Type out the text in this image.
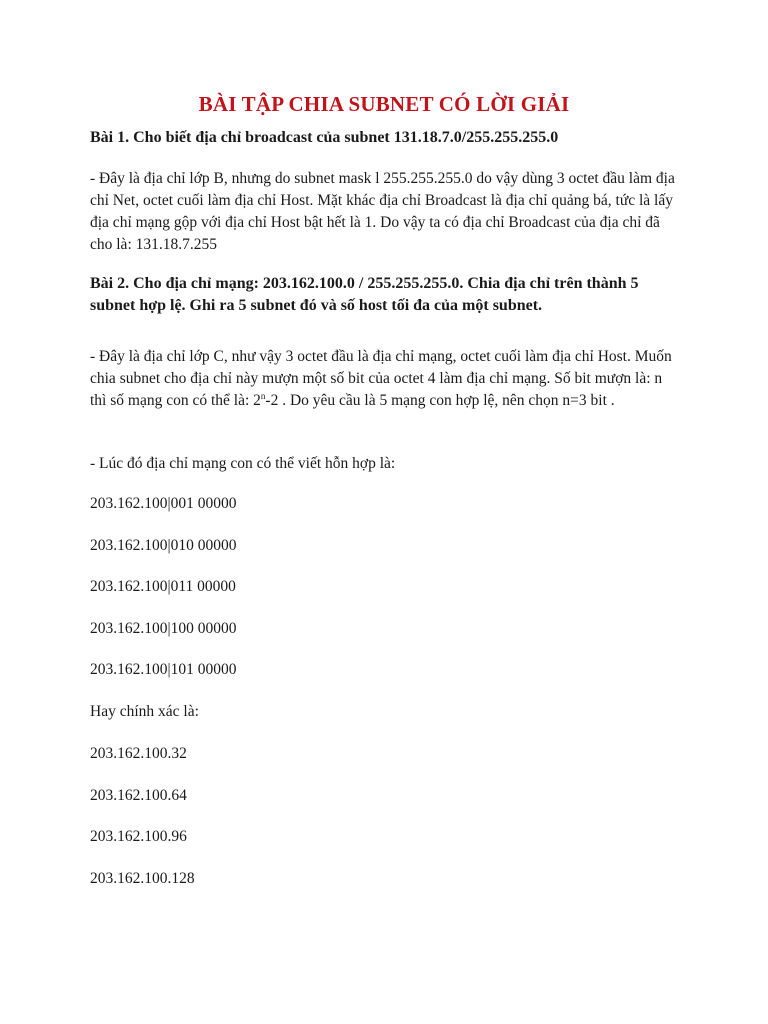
BÀI TẬP CHIA SUBNET CÓ LỜI GIẢI

Bài 1. Cho biết địa chỉ broadcast của subnet 131.18.7.0/255.255.255.0

- Đây là địa chỉ lớp B, nhưng do subnet mask l 255.255.255.0 do vậy dùng 3 octet đầu làm địa chỉ Net, octet cuối làm địa chỉ Host. Mặt khác địa chỉ Broadcast là địa chỉ quảng bá, tức là lấy địa chỉ mạng gộp với địa chỉ Host bật hết là 1. Do vậy ta có địa chỉ Broadcast của địa chỉ đã cho là: 131.18.7.255

Bài 2. Cho địa chỉ mạng: 203.162.100.0 / 255.255.255.0. Chia địa chỉ trên thành 5 subnet hợp lệ. Ghi ra 5 subnet đó và số host tối đa của một subnet.

- Đây là địa chỉ lớp C, như vậy 3 octet đầu là địa chỉ mạng, octet cuối làm địa chỉ Host. Muốn chia subnet cho địa chỉ này mượn một số bit của octet 4 làm địa chỉ mạng. Số bit mượn là: n thì số mạng con có thể là: 2$^n$-2 . Do yêu cầu là 5 mạng con hợp lệ, nên chọn n=3 bit .

- Lúc đó địa chỉ mạng con có thể viết hỗn hợp là:

203.162.100|001 00000

203.162.100|010 00000

203.162.100|011 00000

203.162.100|100 00000

203.162.100|101 00000

Hay chính xác là:

203.162.100.32

203.162.100.64

203.162.100.96

203.162.100.128
